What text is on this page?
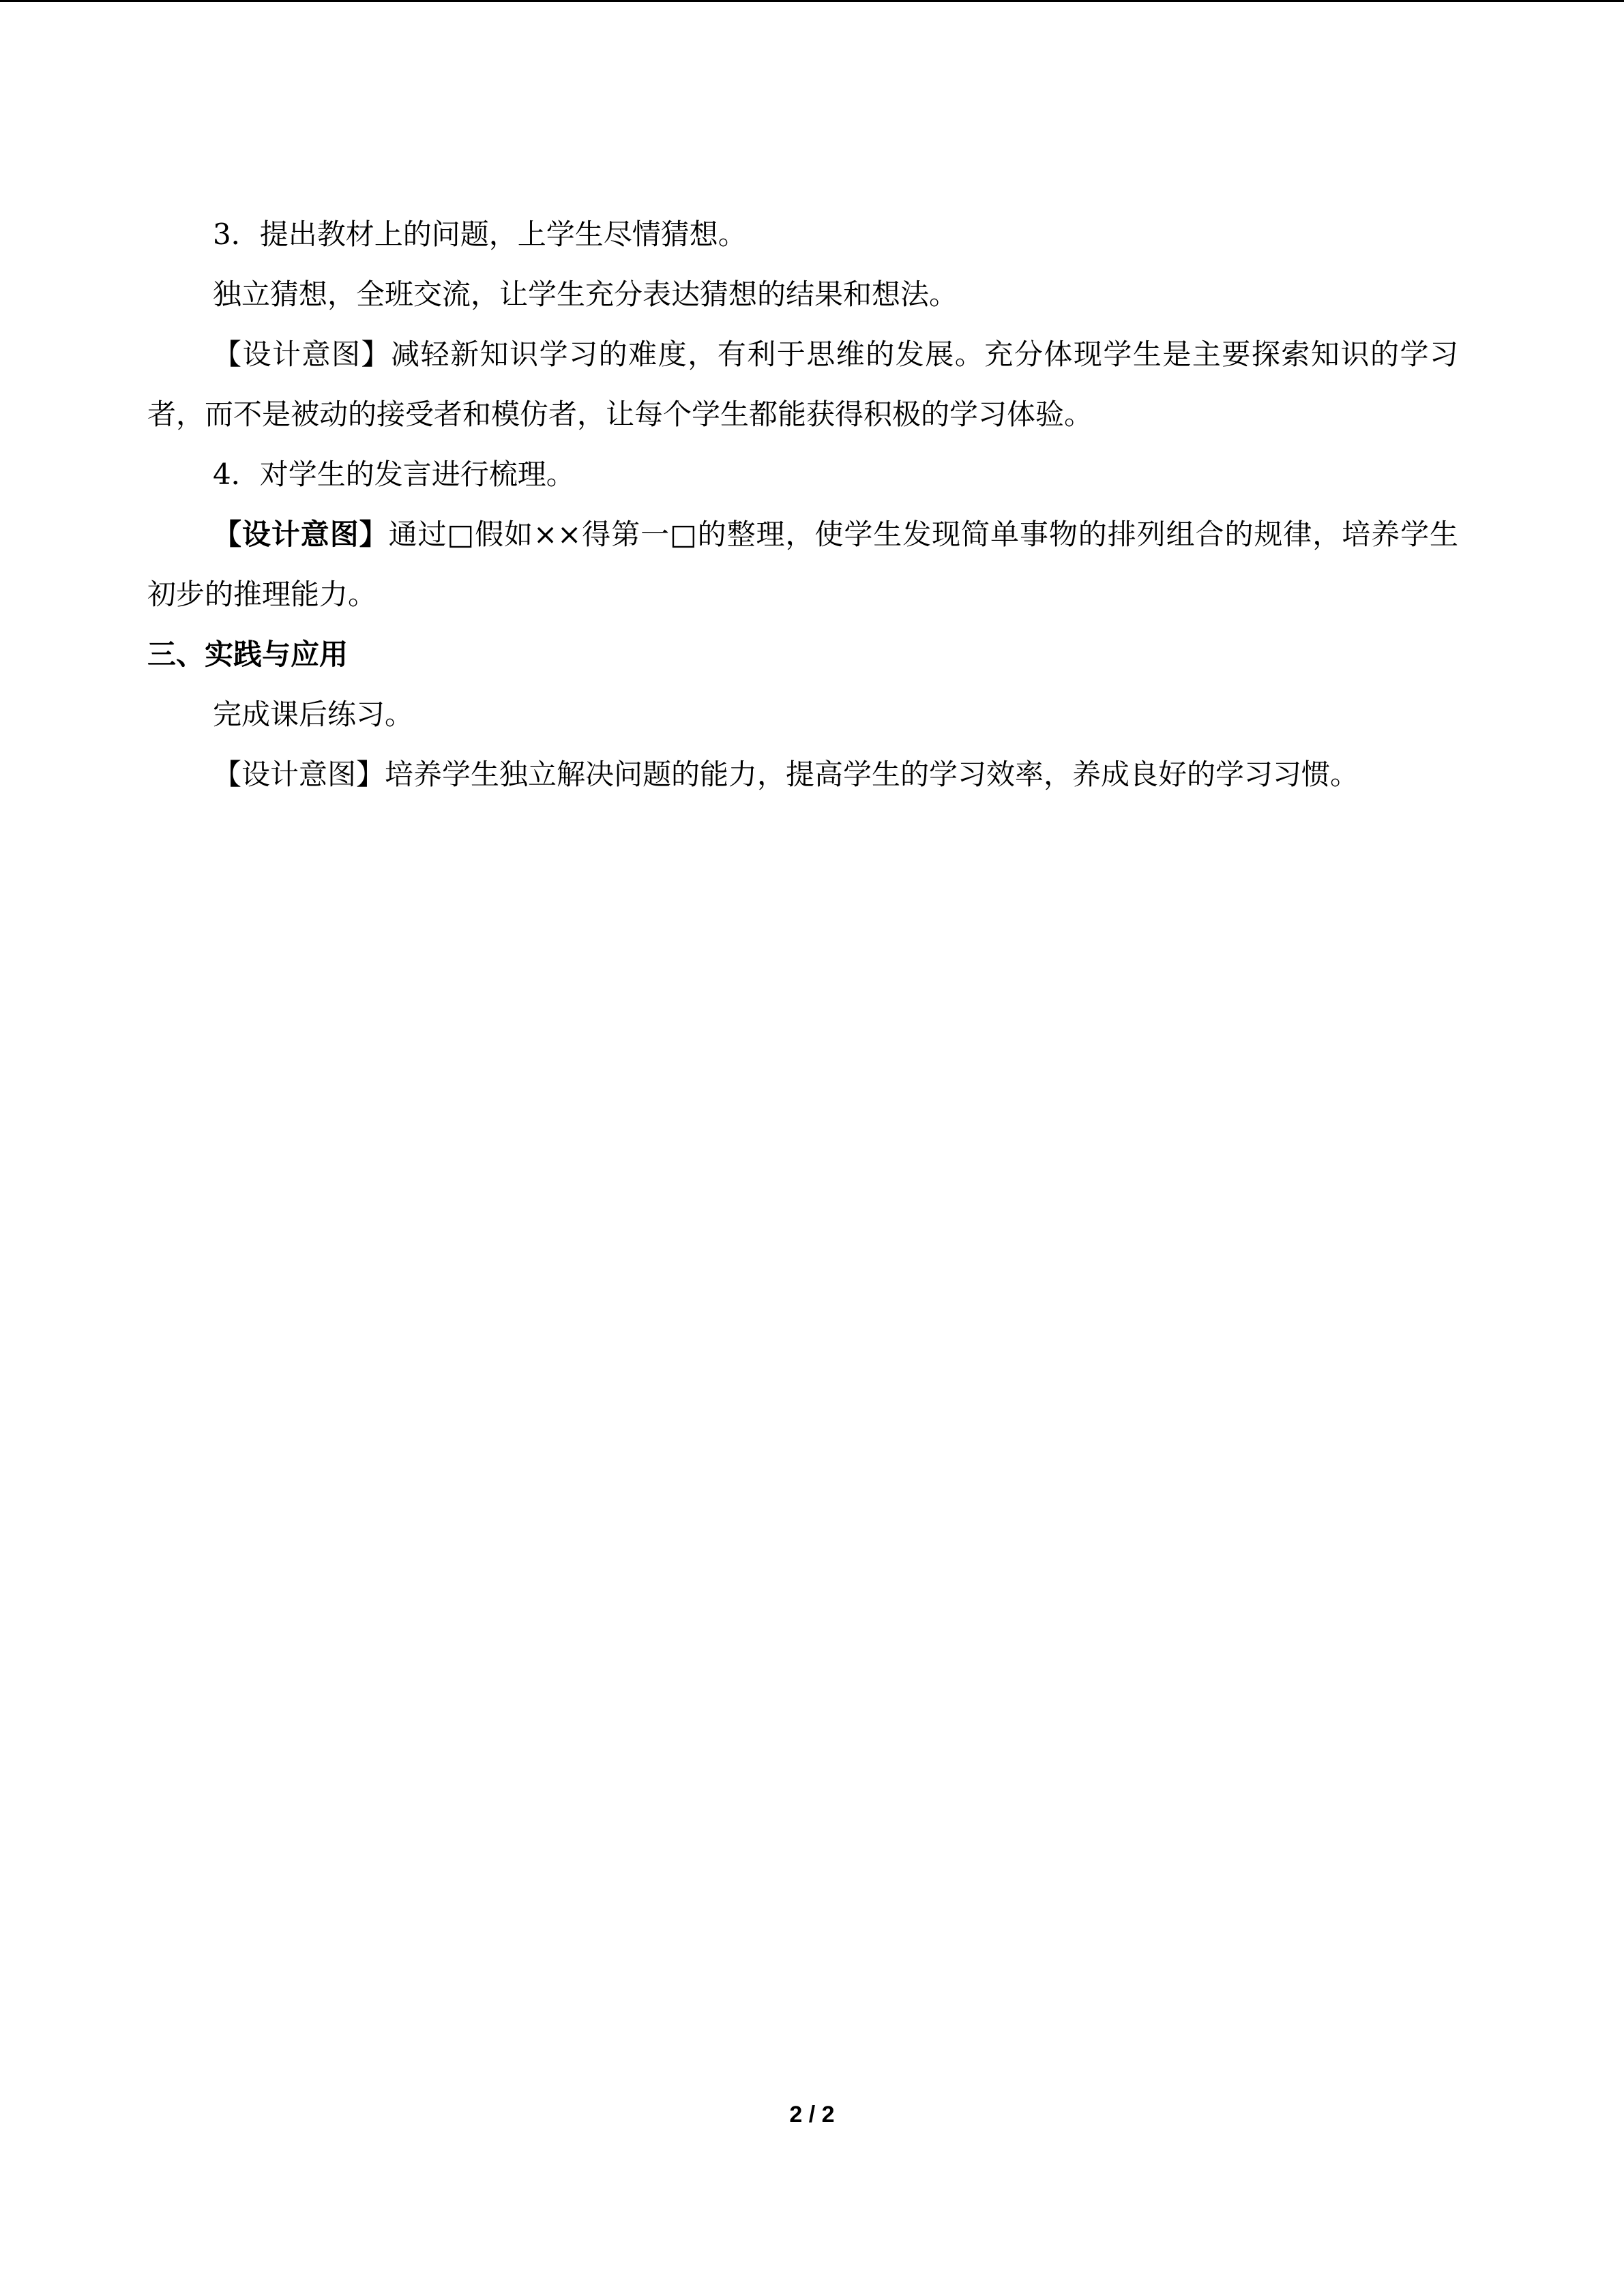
3．提出教材上的问题，上学生尽情猜想。

独立猜想，全班交流，让学生充分表达猜想的结果和想法。

【设计意图】减轻新知识学习的难度，有利于思维的发展。充分体现学生是主要探索知识的学习者，而不是被动的接受者和模仿者，让每个学生都能获得积极的学习体验。

4．对学生的发言进行梳理。

【设计意图】通过□假如××得第一□的整理，使学生发现简单事物的排列组合的规律，培养学生初步的推理能力。

三、实践与应用

完成课后练习。

【设计意图】培养学生独立解决问题的能力，提高学生的学习效率，养成良好的学习习惯。

2 / 2
